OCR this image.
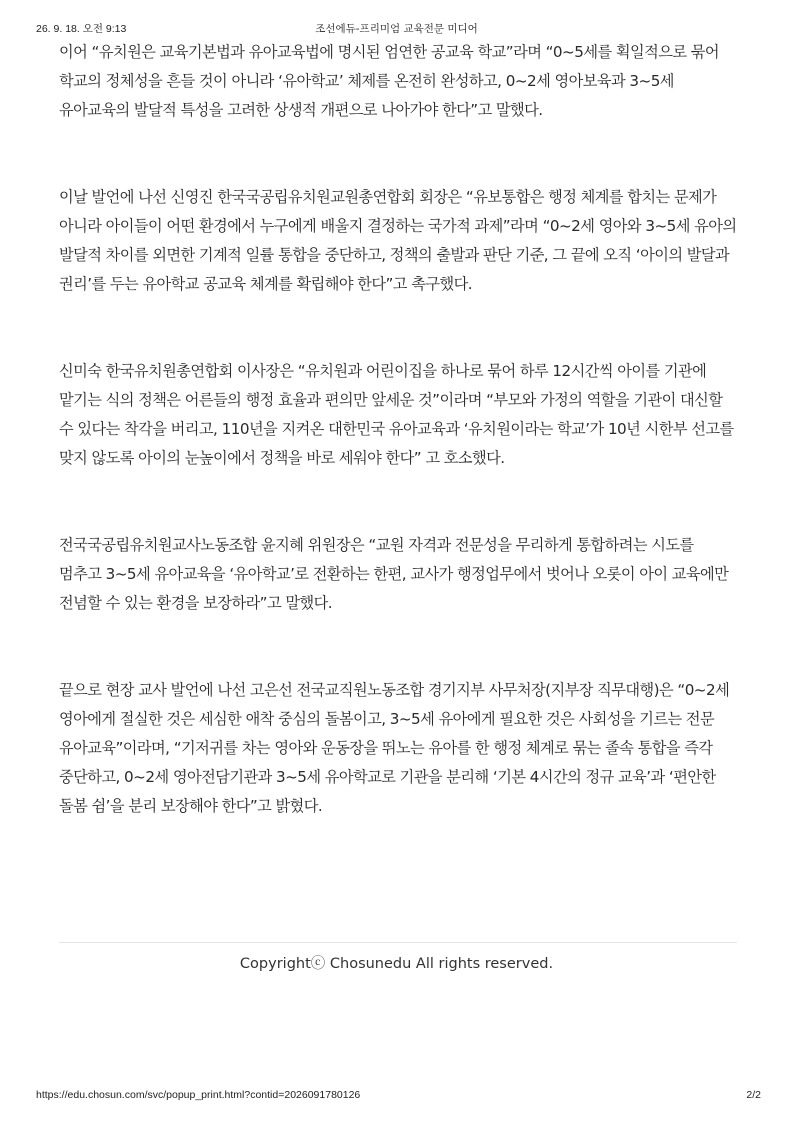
26. 9. 18. 오전 9:13	조선에듀-프리미엄 교육전문 미디어

이어 “유치원은 교육기본법과 유아교육법에 명시된 엄연한 공교육 학교”라며 “0~5세를 획일적으로 묶어 학교의 정체성을 흔들 것이 아니라 ‘유아학교’ 체제를 온전히 완성하고, 0~2세 영아보육과 3~5세 유아교육의 발달적 특성을 고려한 상생적 개편으로 나아가야 한다”고 말했다.

이날 발언에 나선 신영진 한국국공립유치원교원총연합회 회장은 “유보통합은 행정 체계를 합치는 문제가 아니라 아이들이 어떤 환경에서 누구에게 배울지 결정하는 국가적 과제”라며 “0~2세 영아와 3~5세 유아의 발달적 차이를 외면한 기계적 일률 통합을 중단하고, 정책의 출발과 판단 기준, 그 끝에 오직 ‘아이의 발달과 권리’를 두는 유아학교 공교육 체계를 확립해야 한다”고 촉구했다.

신미숙 한국유치원총연합회 이사장은 “유치원과 어린이집을 하나로 묶어 하루 12시간씩 아이를 기관에 맡기는 식의 정책은 어른들의 행정 효율과 편의만 앞세운 것”이라며 “부모와 가정의 역할을 기관이 대신할 수 있다는 착각을 버리고, 110년을 지켜온 대한민국 유아교육과 ‘유치원이라는 학교’가 10년 시한부 선고를 맞지 않도록 아이의 눈높이에서 정책을 바로 세워야 한다” 고 호소했다.

전국국공립유치원교사노동조합 윤지혜 위원장은 “교원 자격과 전문성을 무리하게 통합하려는 시도를 멈추고 3~5세 유아교육을 ‘유아학교’로 전환하는 한편, 교사가 행정업무에서 벗어나 오롯이 아이 교육에만 전념할 수 있는 환경을 보장하라”고 말했다.

끝으로 현장 교사 발언에 나선 고은선 전국교직원노동조합 경기지부 사무처장(지부장 직무대행)은 “0~2세 영아에게 절실한 것은 세심한 애착 중심의 돌봄이고, 3~5세 유아에게 필요한 것은 사회성을 기르는 전문 유아교육”이라며, “기저귀를 차는 영아와 운동장을 뛰노는 유아를 한 행정 체계로 묶는 졸속 통합을 즉각 중단하고, 0~2세 영아전담기관과 3~5세 유아학교로 기관을 분리해 ‘기본 4시간의 정규 교육’과 ‘편안한 돌봄 쉼’을 분리 보장해야 한다”고 밝혔다.

Copyrightⓒ Chosunedu All rights reserved.
https://edu.chosun.com/svc/popup_print.html?contid=2026091780126	2/2
